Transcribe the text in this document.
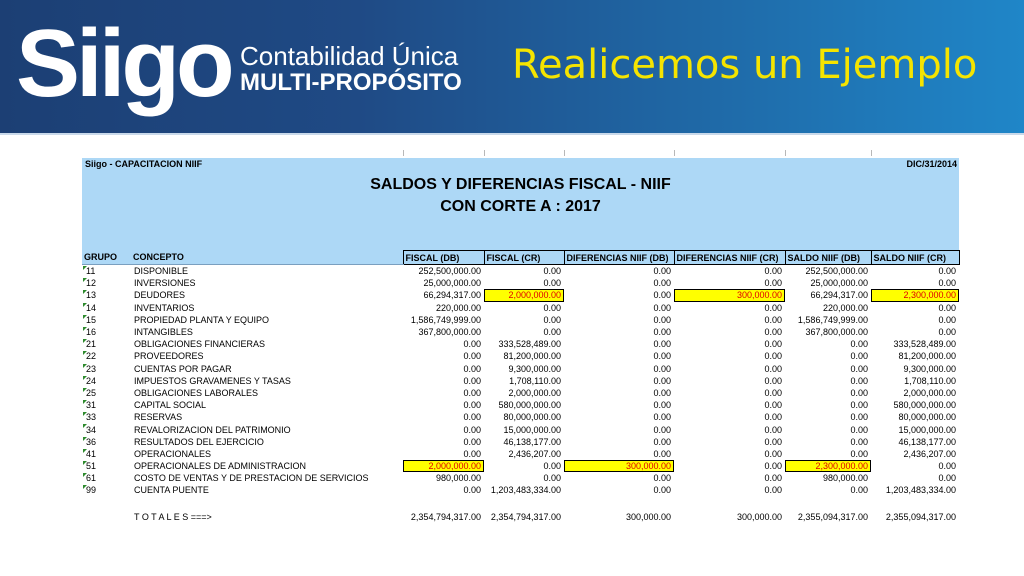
Siigo Contabilidad Única
MULTI-PROPÓSITO Realicemos un Ejemplo
Siigo - CAPACITACION NIIF	DIC/31/2014
SALDOS Y DIFERENCIAS FISCAL - NIIF
CON CORTE A : 2017
GRUPO	CONCEPTO	FISCAL (DB)	FISCAL (CR)	DIFERENCIAS NIIF (DB)	DIFERENCIAS NIIF (CR)	SALDO NIIF (DB)	SALDO NIIF (CR)
11	DISPONIBLE	252,500,000.00	0.00	0.00	0.00	252,500,000.00	0.00
12	INVERSIONES	25,000,000.00	0.00	0.00	0.00	25,000,000.00	0.00
13	DEUDORES	66,294,317.00	2,000,000.00	0.00	300,000.00	66,294,317.00	2,300,000.00
14	INVENTARIOS	220,000.00	0.00	0.00	0.00	220,000.00	0.00
15	PROPIEDAD PLANTA Y EQUIPO	1,586,749,999.00	0.00	0.00	0.00	1,586,749,999.00	0.00
16	INTANGIBLES	367,800,000.00	0.00	0.00	0.00	367,800,000.00	0.00
21	OBLIGACIONES FINANCIERAS	0.00	333,528,489.00	0.00	0.00	0.00	333,528,489.00
22	PROVEEDORES	0.00	81,200,000.00	0.00	0.00	0.00	81,200,000.00
23	CUENTAS POR PAGAR	0.00	9,300,000.00	0.00	0.00	0.00	9,300,000.00
24	IMPUESTOS GRAVAMENES Y TASAS	0.00	1,708,110.00	0.00	0.00	0.00	1,708,110.00
25	OBLIGACIONES LABORALES	0.00	2,000,000.00	0.00	0.00	0.00	2,000,000.00
31	CAPITAL SOCIAL	0.00	580,000,000.00	0.00	0.00	0.00	580,000,000.00
33	RESERVAS	0.00	80,000,000.00	0.00	0.00	0.00	80,000,000.00
34	REVALORIZACION DEL PATRIMONIO	0.00	15,000,000.00	0.00	0.00	0.00	15,000,000.00
36	RESULTADOS DEL EJERCICIO	0.00	46,138,177.00	0.00	0.00	0.00	46,138,177.00
41	OPERACIONALES	0.00	2,436,207.00	0.00	0.00	0.00	2,436,207.00
51	OPERACIONALES DE ADMINISTRACION	2,000,000.00	0.00	300,000.00	0.00	2,300,000.00	0.00
61	COSTO DE VENTAS Y DE PRESTACION DE SERVICIOS	980,000.00	0.00	0.00	0.00	980,000.00	0.00
99	CUENTA PUENTE	0.00	1,203,483,334.00	0.00	0.00	0.00	1,203,483,334.00

	T O T A L E S ===>	2,354,794,317.00	2,354,794,317.00	300,000.00	300,000.00	2,355,094,317.00	2,355,094,317.00
